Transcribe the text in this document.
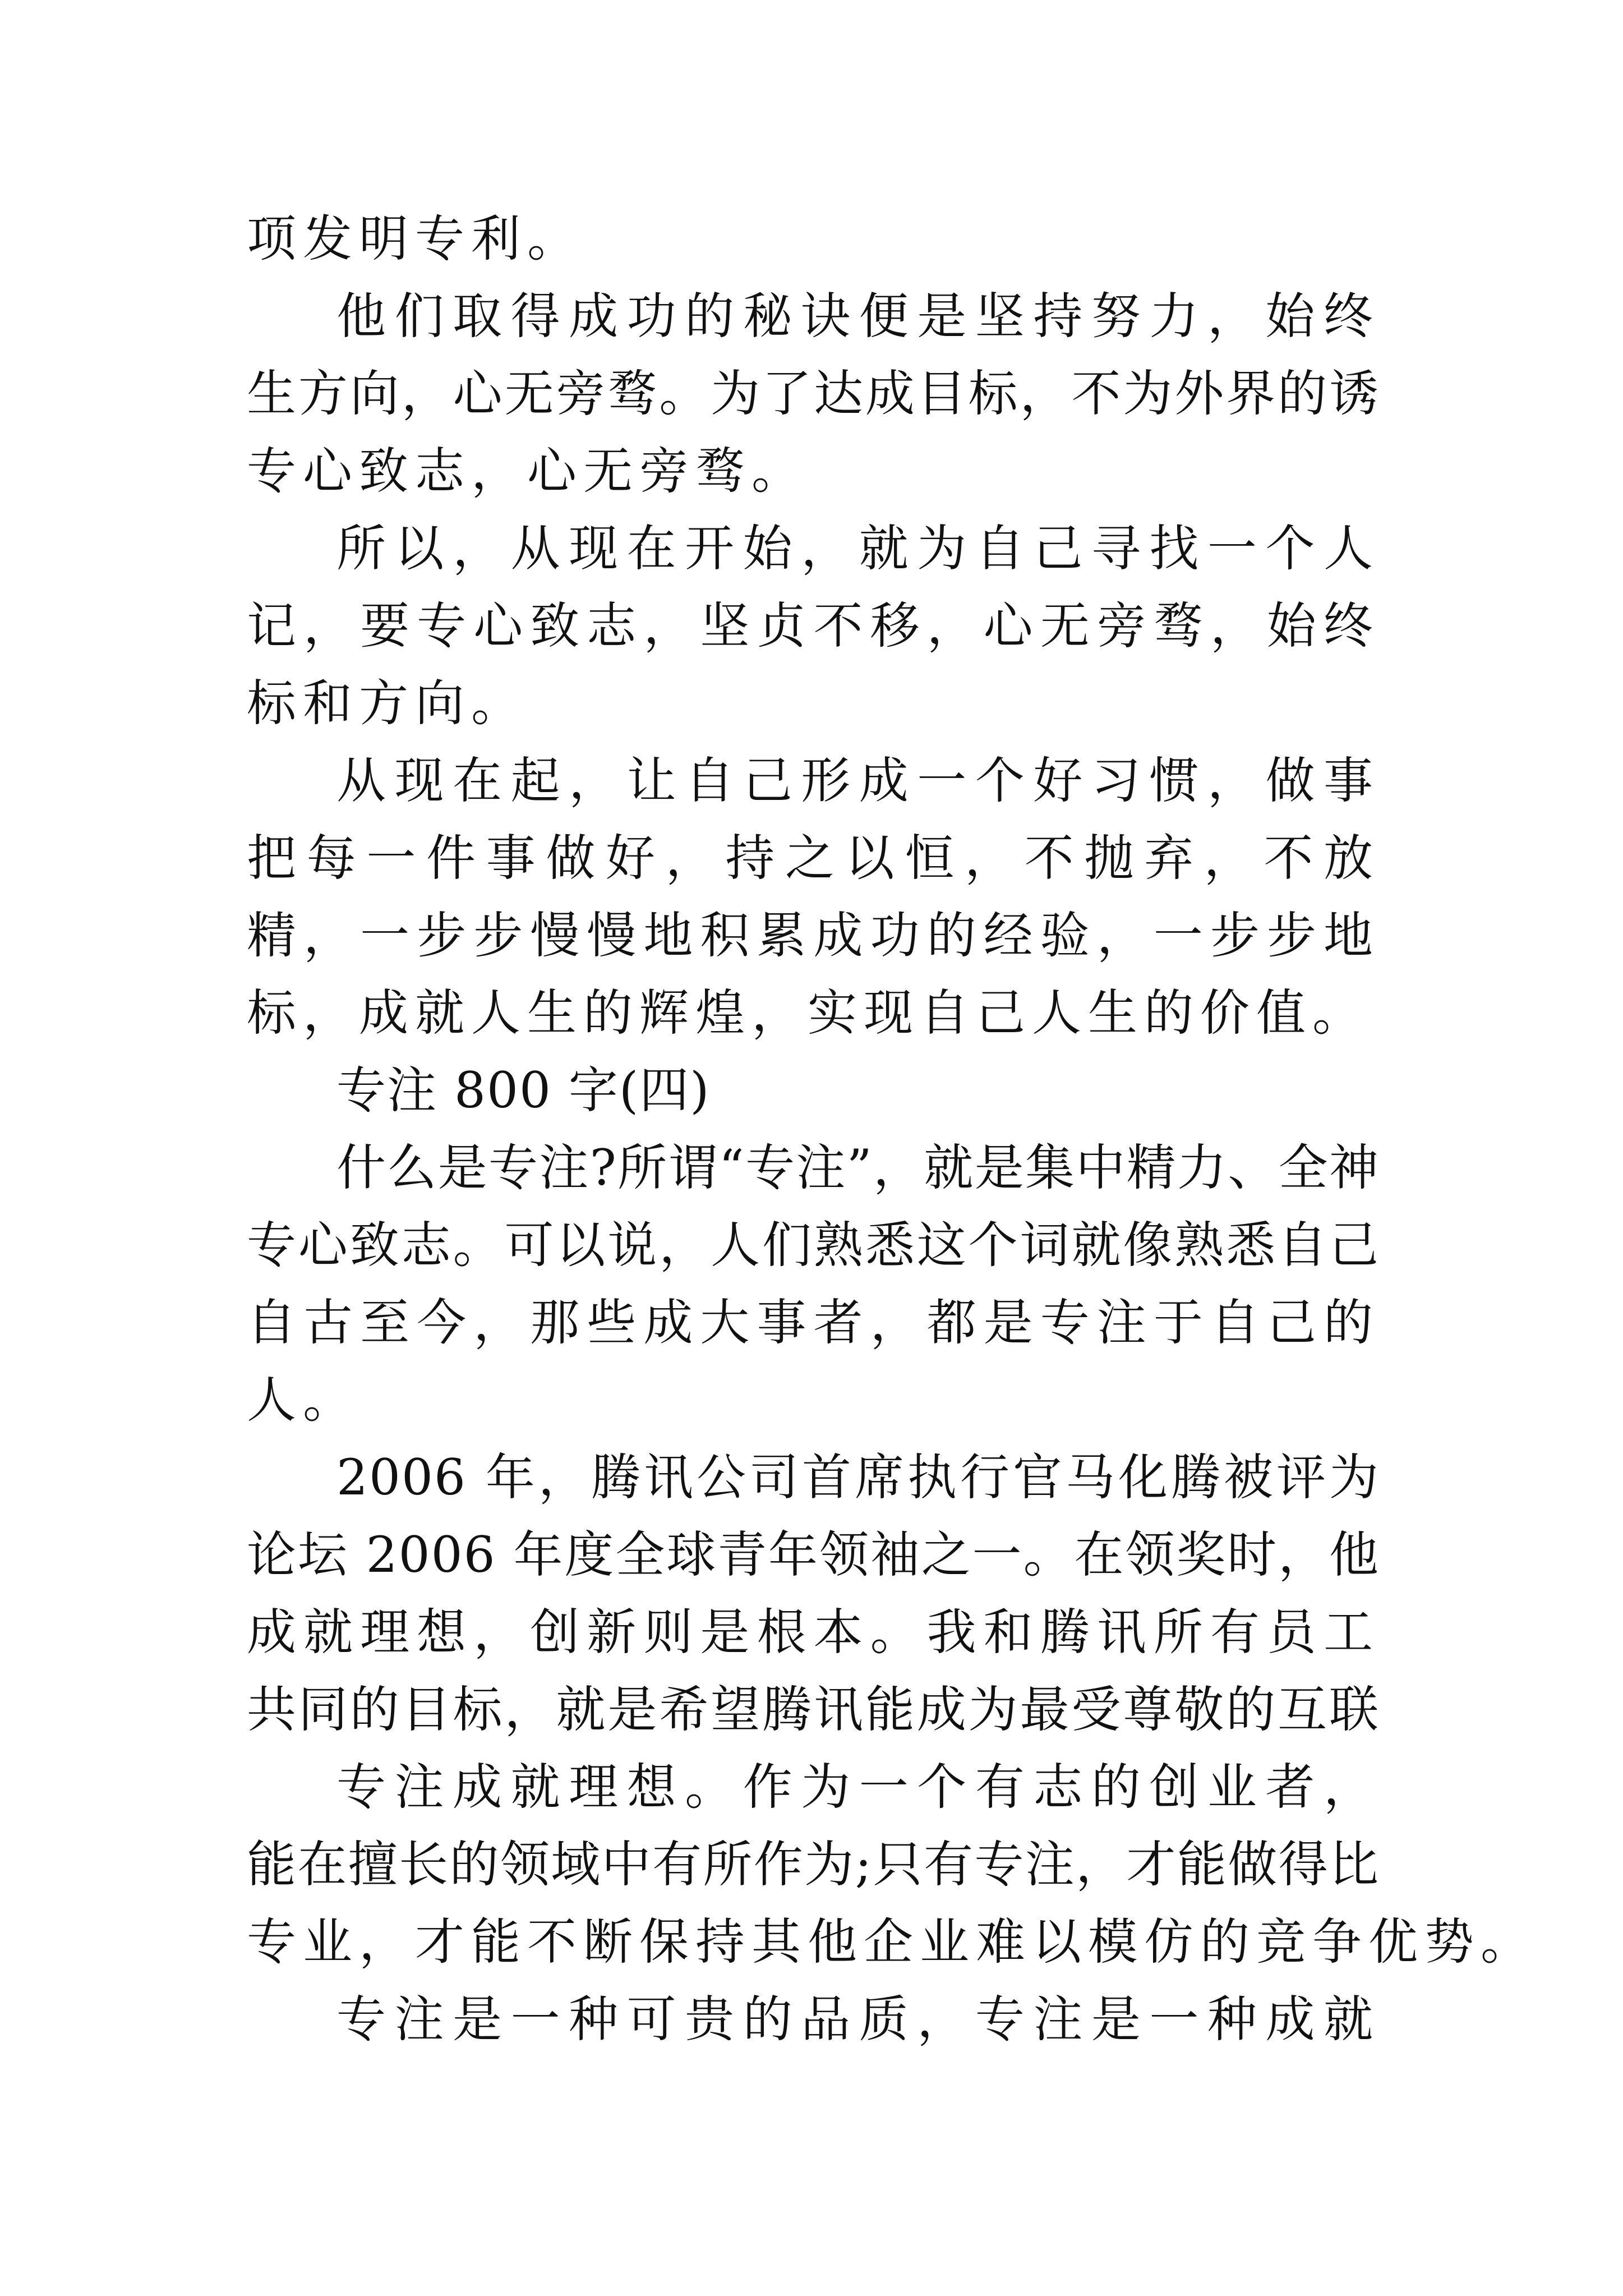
项发明专利。
他们取得成功的秘诀便是坚持努力，始终
生方向，心无旁骛。为了达成目标，不为外界的诱
专心致志，心无旁骛。
所以，从现在开始，就为自己寻找一个人
记，要专心致志，坚贞不移，心无旁骛，始终
标和方向。
从现在起，让自己形成一个好习惯，做事
把每一件事做好，持之以恒，不抛弃，不放
精，一步步慢慢地积累成功的经验，一步步地
标，成就人生的辉煌，实现自己人生的价值。
专注 800 字(四)
什么是专注?所谓“专注”，就是集中精力、全神
专心致志。可以说，人们熟悉这个词就像熟悉自己
自古至今，那些成大事者，都是专注于自己的
人。
2006 年，腾讯公司首席执行官马化腾被评为
论坛 2006 年度全球青年领袖之一。在领奖时，他
成就理想，创新则是根本。我和腾讯所有员工
共同的目标，就是希望腾讯能成为最受尊敬的互联
专注成就理想。作为一个有志的创业者，
能在擅长的领域中有所作为;只有专注，才能做得比
专业，才能不断保持其他企业难以模仿的竞争优势。
专注是一种可贵的品质，专注是一种成就
